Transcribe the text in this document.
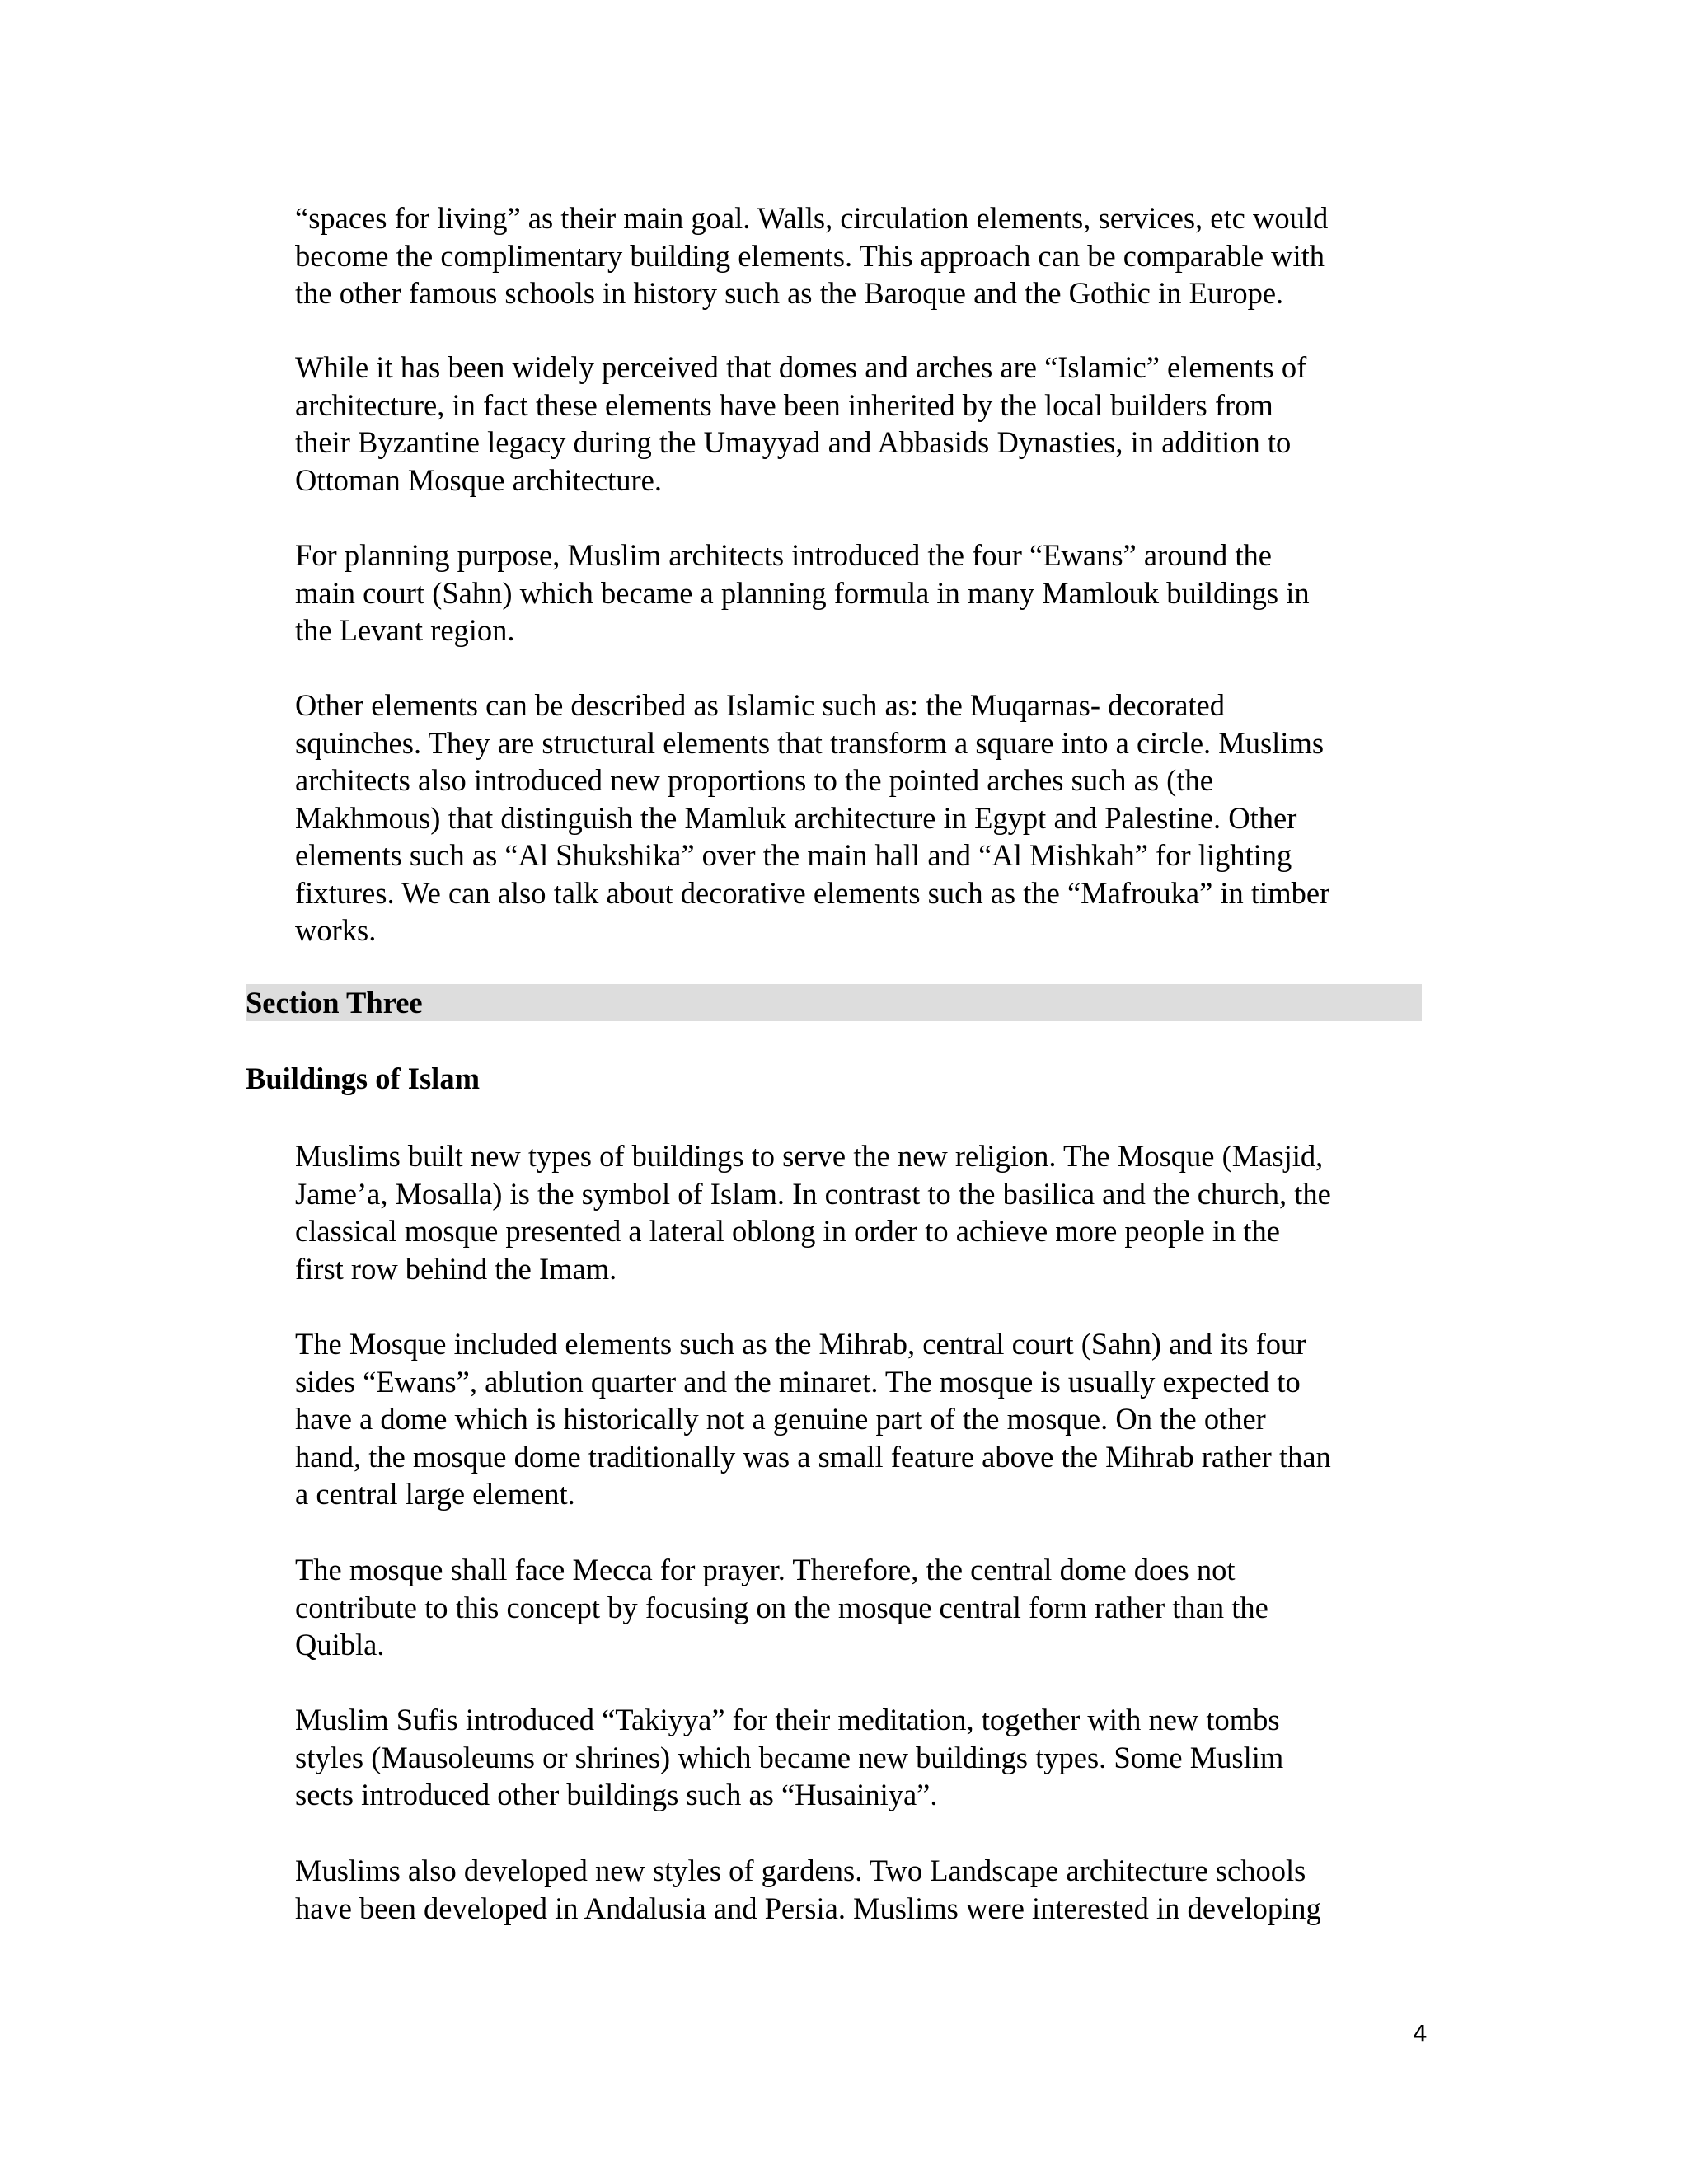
“spaces for living” as their main goal. Walls, circulation elements, services, etc would
become the complimentary building elements. This approach can be comparable with
the other famous schools in history such as the Baroque and the Gothic in Europe.

While it has been widely perceived that domes and arches are “Islamic” elements of
architecture, in fact these elements have been inherited by the local builders from
their Byzantine legacy during the Umayyad and Abbasids Dynasties, in addition to
Ottoman Mosque architecture.

For planning purpose, Muslim architects introduced the four “Ewans” around the
main court (Sahn) which became a planning formula in many Mamlouk buildings in
the Levant region.

Other elements can be described as Islamic such as: the Muqarnas- decorated
squinches. They are structural elements that transform a square into a circle. Muslims
architects also introduced new proportions to the pointed arches such as (the
Makhmous) that distinguish the Mamluk architecture in Egypt and Palestine. Other
elements such as “Al Shukshika” over the main hall and “Al Mishkah” for lighting
fixtures. We can also talk about decorative elements such as the “Mafrouka” in timber
works.

Section Three
Buildings of Islam

Muslims built new types of buildings to serve the new religion. The Mosque (Masjid,
Jame’a, Mosalla) is the symbol of Islam. In contrast to the basilica and the church, the
classical mosque presented a lateral oblong in order to achieve more people in the
first row behind the Imam.

The Mosque included elements such as the Mihrab, central court (Sahn) and its four
sides “Ewans”, ablution quarter and the minaret. The mosque is usually expected to
have a dome which is historically not a genuine part of the mosque. On the other
hand, the mosque dome traditionally was a small feature above the Mihrab rather than
a central large element.

The mosque shall face Mecca for prayer. Therefore, the central dome does not
contribute to this concept by focusing on the mosque central form rather than the
Quibla.

Muslim Sufis introduced “Takiyya” for their meditation, together with new tombs
styles (Mausoleums or shrines) which became new buildings types. Some Muslim
sects introduced other buildings such as “Husainiya”.

Muslims also developed new styles of gardens. Two Landscape architecture schools
have been developed in Andalusia and Persia. Muslims were interested in developing

4
